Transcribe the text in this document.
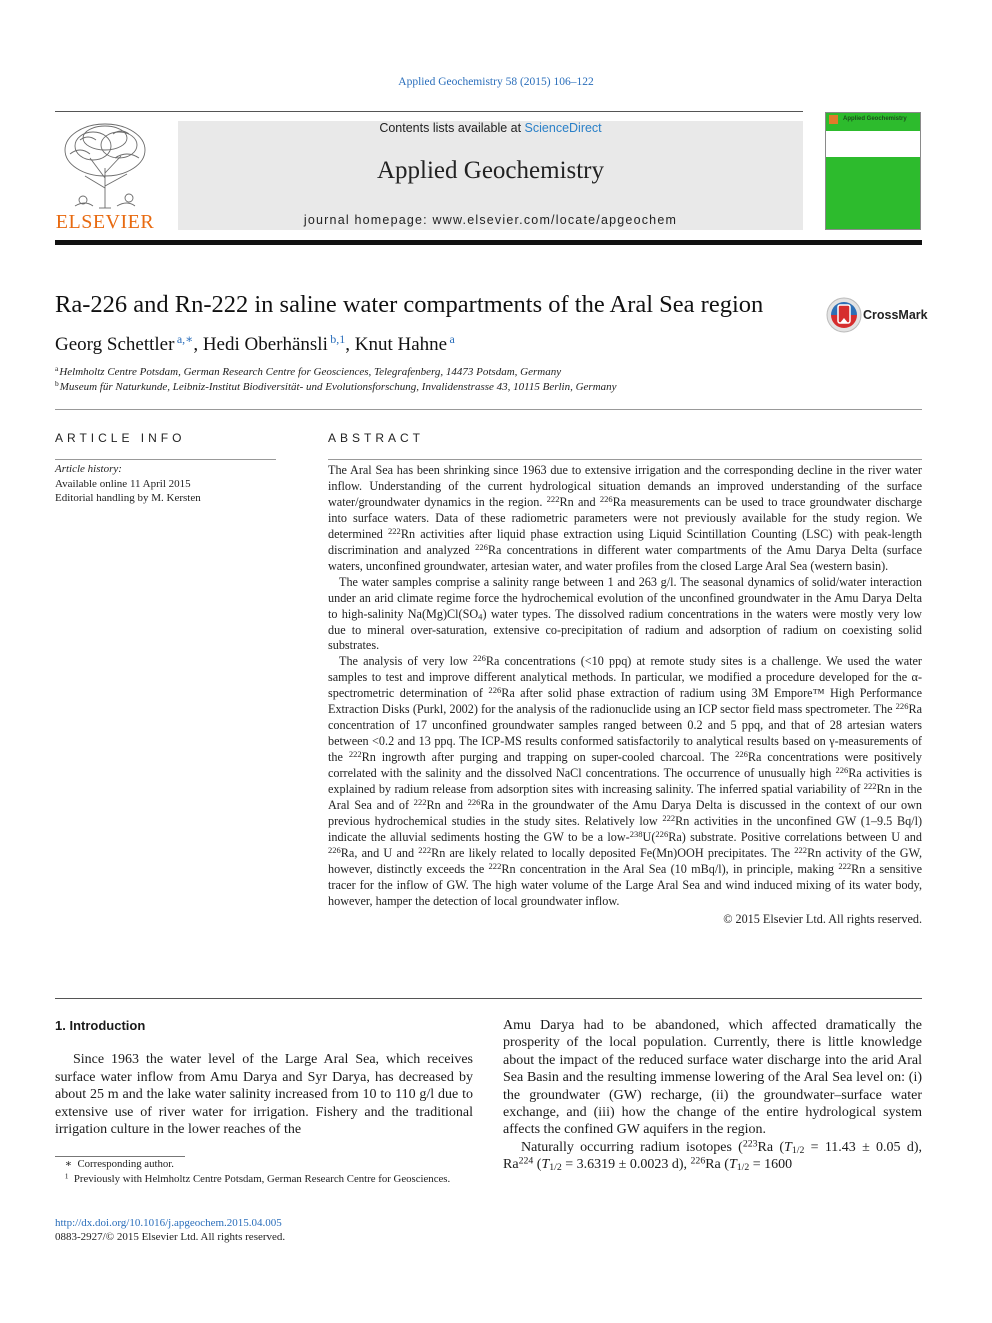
Applied Geochemistry 58 (2015) 106–122
ELSEVIER
Contents lists available at ScienceDirect
Applied Geochemistry
journal homepage: www.elsevier.com/locate/apgeochem
Applied Geochemistry
Ra-226 and Rn-222 in saline water compartments of the Aral Sea region	CrossMark
Georg Schettler  $^{a,∗}$, Hedi Oberhänsli  $^{b,1}$, Knut Hahne  $^a$
$^a$Helmholtz Centre Potsdam, German Research Centre for Geosciences, Telegrafenberg, 14473 Potsdam, Germany
$^b$Museum für Naturkunde, Leibniz-Institut Biodiversität- und Evolutionsforschung, Invalidenstrasse 43, 10115 Berlin, Germany
ARTICLE INFO
Article history:
Available online 11 April 2015
Editorial handling by M. Kersten
ABSTRACT

The Aral Sea has been shrinking since 1963 due to extensive irrigation and the corresponding decline in the river water inflow. Understanding of the current hydrological situation demands an improved understanding of the surface water/groundwater dynamics in the region. $^{222}$Rn and $^{226}$Ra measurements can be used to trace groundwater discharge into surface waters. Data of these radiometric parameters were not previously available for the study region. We determined $^{222}$Rn activities after liquid phase extraction using Liquid Scintillation Counting (LSC) with peak-length discrimination and analyzed $^{226}$Ra concentrations in different water compartments of the Amu Darya Delta (surface waters, unconfined groundwater, artesian water, and water profiles from the closed Large Aral Sea (western basin).

The water samples comprise a salinity range between 1 and 263 g/l. The seasonal dynamics of solid/water interaction under an arid climate regime force the hydrochemical evolution of the unconfined groundwater in the Amu Darya Delta to high-salinity $Na(Mg)Cl(SO_4)$ water types. The dissolved radium concentrations in the waters were mostly very low due to mineral over-saturation, extensive co-precipitation of radium and adsorption of radium on coexisting solid substrates.

The analysis of very low $^{226}$Ra concentrations (<10 ppq) at remote study sites is a challenge. We used the water samples to test and improve different analytical methods. In particular, we modified a procedure developed for the α-spectrometric determination of $^{226}$Ra after solid phase extraction of radium using 3M Empore™ High Performance Extraction Disks (Purkl, 2002) for the analysis of the radionuclide using an ICP sector field mass spectrometer. The $^{226}$Ra concentration of 17 unconfined groundwater samples ranged between 0.2 and 5 ppq, and that of 28 artesian waters between <0.2 and 13 ppq. The ICP-MS results conformed satisfactorily to analytical results based on γ-measurements of the $^{222}$Rn ingrowth after purging and trapping on super-cooled charcoal. The $^{226}$Ra concentrations were positively correlated with the salinity and the dissolved NaCl concentrations. The occurrence of unusually high $^{226}$Ra activities is explained by radium release from adsorption sites with increasing salinity. The inferred spatial variability of $^{222}$Rn in the Aral Sea and of $^{222}$Rn and $^{226}$Ra in the groundwater of the Amu Darya Delta is discussed in the context of our own previous hydrochemical studies in the study sites. Relatively low $^{222}$Rn activities in the unconfined GW (1–9.5 Bq/l) indicate the alluvial sediments hosting the GW to be a low-$^{238}$U($^{226}$Ra) substrate. Positive correlations between U and $^{226}$Ra, and U and $^{222}$Rn are likely related to locally deposited Fe(Mn)OOH precipitates. The $^{222}$Rn activity of the GW, however, distinctly exceeds the $^{222}$Rn concentration in the Aral Sea (10 mBq/l), in principle, making $^{222}$Rn a sensitive tracer for the inflow of GW. The high water volume of the Large Aral Sea and wind induced mixing of its water body, however, hamper the detection of local groundwater inflow.

© 2015 Elsevier Ltd. All rights reserved.
1. Introduction

Since 1963 the water level of the Large Aral Sea, which receives surface water inflow from Amu Darya and Syr Darya, has decreased by about 25 m and the lake water salinity increased from 10 to 110 g/l due to extensive use of river water for irrigation. Fishery and the traditional irrigation culture in the lower reaches of the

Amu Darya had to be abandoned, which affected dramatically the prosperity of the local population. Currently, there is little knowledge about the impact of the reduced surface water discharge into the arid Aral Sea Basin and the resulting immense lowering of the Aral Sea level on: (i) the groundwater (GW) recharge, (ii) the groundwater–surface water exchange, and (iii) how the change of the entire hydrological system affects the confined GW aquifers in the region.

Naturally occurring radium isotopes ($^{223}$Ra ($T_{1/2} = 11.43 \pm 0.05$ d), Ra$^{224}$ ($T_{1/2} = 3.6319 \pm 0.0023$ d), $^{226}$Ra ($T_{1/2} = 1600$

∗  Corresponding author.
$^1$ Previously with Helmholtz Centre Potsdam, German Research Centre for Geosciences.
http://dx.doi.org/10.1016/j.apgeochem.2015.04.005
0883-2927/© 2015 Elsevier Ltd. All rights reserved.
